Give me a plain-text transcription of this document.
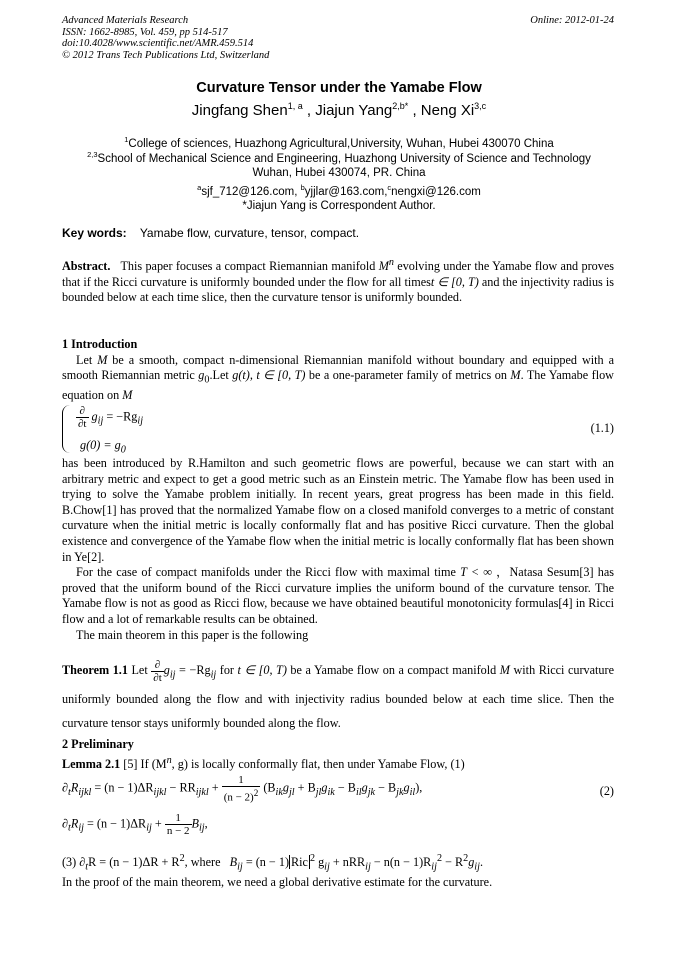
Advanced Materials Research
ISSN: 1662-8985, Vol. 459, pp 514-517
doi:10.4028/www.scientific.net/AMR.459.514
© 2012 Trans Tech Publications Ltd, Switzerland
Online: 2012-01-24
Curvature Tensor under the Yamabe Flow
Jingfang Shen$^{1, a}$ , Jiajun Yang$^{2,b*}$ , Neng Xi$^{3,c}$
$^1$College of sciences, Huazhong Agricultural,University, Wuhan, Hubei 430070 China
$^{2,3}$School of Mechanical Science and Engineering, Huazhong University of Science and Technology
Wuhan, Hubei 430074, PR. China
$^a$sjf_712@126.com, $^b$yjjlar@163.com,$^c$nengxi@126.com
*Jiajun Yang is Correspondent Author.
Key words: Yamabe flow, curvature, tensor, compact.

Abstract. This paper focuses a compact Riemannian manifold $M^n$ evolving under the Yamabe flow and proves that if the Ricci curvature is uniformly bounded under the flow for all timest ∈ [0, T) and the injectivity radius is bounded below at each time slice, then the curvature tensor is uniformly bounded.

1 Introduction

Let M be a smooth, compact n-dimensional Riemannian manifold without boundary and equipped with a smooth Riemannian metric $g_0.Let$ g(t), t ∈ [0, T) be a one-parameter family of metrics on M. The Yamabe flow equation on M

$\frac{\partial}{\partial t} g_{ij} = -Rg_{ij}$
$g(0) = g_0$
(1.1)

has been introduced by R.Hamilton and such geometric flows are powerful, because we can start with an arbitrary metric and expect to get a good metric such as an Einstein metric. The Yamabe flow has been used in trying to solve the Yamabe problem initially. In recent years, great progress has been made in this field. B.Chow[1] has proved that the normalized Yamabe flow on a closed manifold converges to a metric of constant curvature when the initial metric is locally conformally flat and has positive Ricci curvature. Then the global existence and convergence of the Yamabe flow when the initial metric is locally conformally flat has been shown in Ye[2].

For the case of compact manifolds under the Ricci flow with maximal time T < ∞ ，Natasa Sesum[3] has proved that the uniform bound of the Ricci curvature implies the uniform bound of the curvature tensor. The Yamabe flow is not as good as Ricci flow, because we have obtained beautiful monotonicity formulas[4] in Ricci flow and a lot of remarkable results can be obtained.

The main theorem in this paper is the following

Theorem 1.1 Let $\frac{\partial}{\partial t} g_{ij} = -Rg_{ij}$ for t ∈ [0, T) be a Yamabe flow on a compact manifold M with Ricci curvature uniformly bounded along the flow and with injectivity radius bounded below at each time slice. Then the curvature tensor stays uniformly bounded along the flow.

2 Preliminary

Lemma 2.1 [5] If ($M^n$, g) is locally conformally flat, then under Yamabe Flow, (1)

$\partial_tR_{ijkl} = (n - 1)\Delta R_{ijkl} - RR_{ijkl} + \frac{1}{(n - 2)^2} (B_{ik}g_{jl} + B_{jl}g_{ik} - B_{il}g_{jk} - B_{jk}g_{il})$,	(2)
$\partial_tR_{ij} = (n - 1)\Delta R_{ij} + \frac{1}{n - 2} B_{ij}$,

(3) $\partial_tR = (n - 1)\Delta R + R^2$, where   $B_{ij} = (n - 1)$ Ric $^2$ $g_{ij} + nRR_{ij} - n(n - 1)R_{ij}^2 - R^2g_{ij}$.

In the proof of the main theorem, we need a global derivative estimate for the curvature.
